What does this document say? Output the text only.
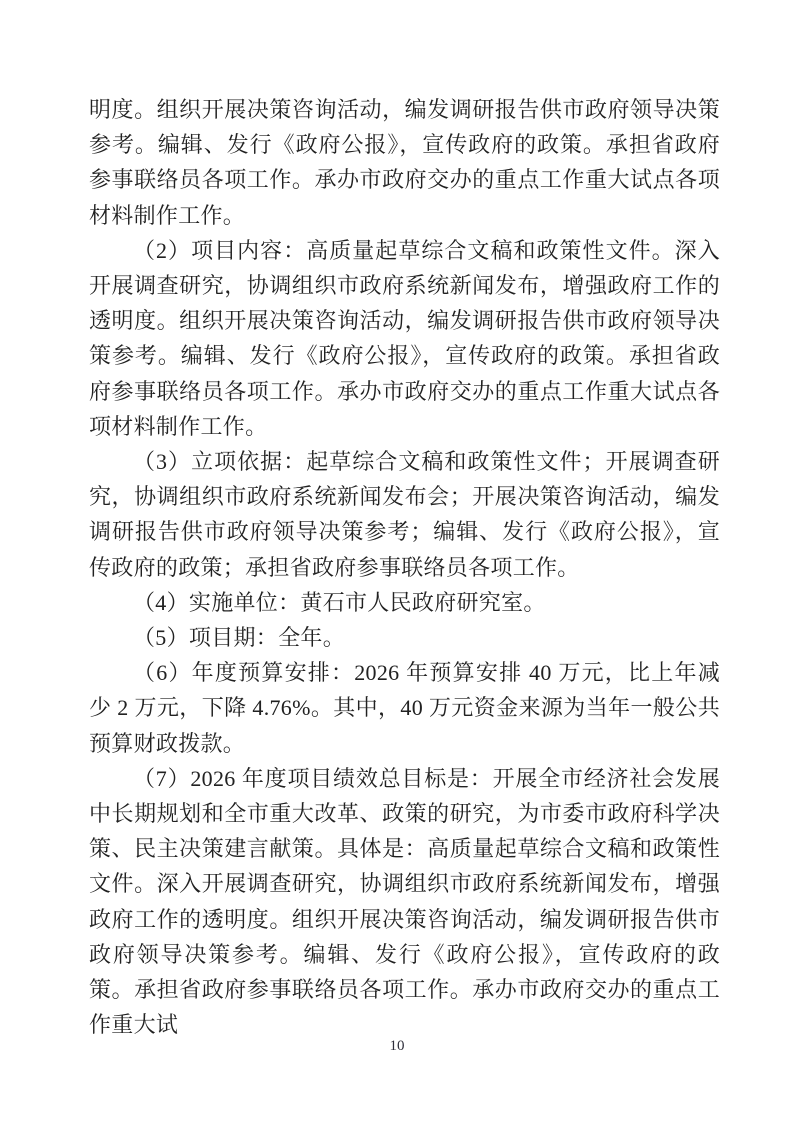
明度。组织开展决策咨询活动，编发调研报告供市政府领导决策参考。编辑、发行《政府公报》，宣传政府的政策。承担省政府参事联络员各项工作。承办市政府交办的重点工作重大试点各项材料制作工作。

（2）项目内容：高质量起草综合文稿和政策性文件。深入开展调查研究，协调组织市政府系统新闻发布，增强政府工作的透明度。组织开展决策咨询活动，编发调研报告供市政府领导决策参考。编辑、发行《政府公报》，宣传政府的政策。承担省政府参事联络员各项工作。承办市政府交办的重点工作重大试点各项材料制作工作。

（3）立项依据：起草综合文稿和政策性文件；开展调查研究，协调组织市政府系统新闻发布会；开展决策咨询活动，编发调研报告供市政府领导决策参考；编辑、发行《政府公报》，宣传政府的政策；承担省政府参事联络员各项工作。

（4）实施单位：黄石市人民政府研究室。

（5）项目期：全年。

（6）年度预算安排：2026 年预算安排 40 万元，比上年减少 2 万元，下降 4.76%。其中，40 万元资金来源为当年一般公共预算财政拨款。

（7）2026 年度项目绩效总目标是：开展全市经济社会发展中长期规划和全市重大改革、政策的研究，为市委市政府科学决策、民主决策建言献策。具体是：高质量起草综合文稿和政策性文件。深入开展调查研究，协调组织市政府系统新闻发布，增强政府工作的透明度。组织开展决策咨询活动，编发调研报告供市政府领导决策参考。编辑、发行《政府公报》，宣传政府的政策。承担省政府参事联络员各项工作。承办市政府交办的重点工作重大试

10
